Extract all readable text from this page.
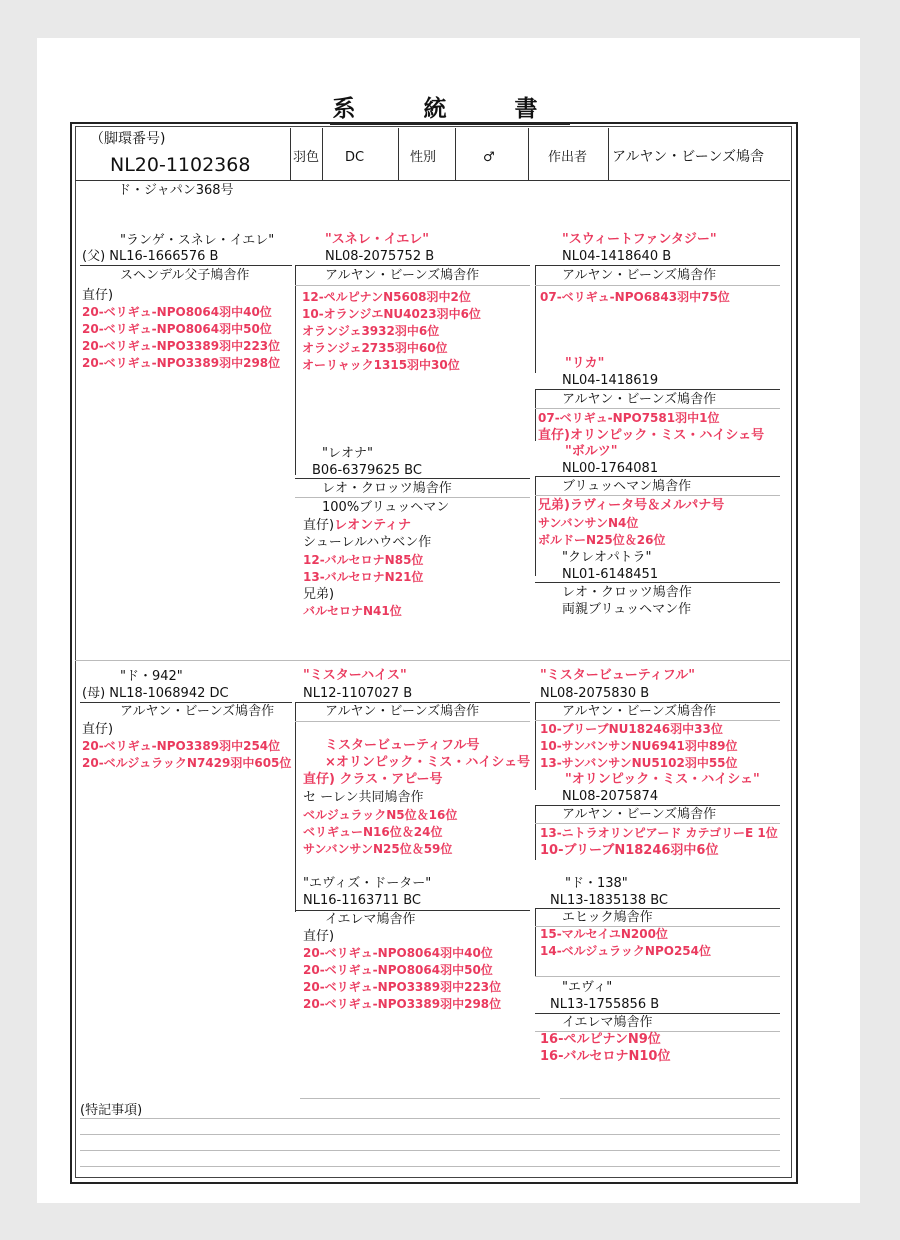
系 統 書
（脚環番号)
NL20-1102368	羽色 DC	性別	♂	作出者 アルヤン・ビーンズ鳩舎
ド・ジャパン368号
"ランゲ・スネレ・イエレ"
(父) NL16-1666576 B
スヘンデル父子鳩舎作
直仔)
20-ベリギュ-NPO8064羽中40位
20-ベリギュ-NPO8064羽中50位
20-ベリギュ-NPO3389羽中223位
20-ベリギュ-NPO3389羽中298位
"スネレ・イエレ"
NL08-2075752 B
アルヤン・ビーンズ鳩舎作
12-ペルピナンN5608羽中2位
10-オランジエNU4023羽中6位
オランジェ3932羽中6位
オランジェ2735羽中60位
オーリャック1315羽中30位
"スウィートファンタジー"
NL04-1418640 B
アルヤン・ビーンズ鳩舎作
07-ベリギュ-NPO6843羽中75位
"リカ"
NL04-1418619
アルヤン・ビーンズ鳩舎作
07-ベリギュ-NPO7581羽中1位
直仔)オリンピック・ミス・ハイシェ号
"レオナ"
B06-6379625 BC
レオ・クロッツ鳩舎作
100%ブリュッヘマン
直仔)レオンティナ
シューレルハウベン作
12-バルセロナN85位
13-バルセロナN21位
兄弟)
バルセロナN41位
"ボルツ"
NL00-1764081
ブリュッヘマン鳩舎作
兄弟)ラヴィータ号＆メルパナ号
サンバンサンN4位
ボルドーN25位＆26位
"クレオパトラ"
NL01-6148451
レオ・クロッツ鳩舎作
両親ブリュッヘマン作
"ド・942"
(母) NL18-1068942 DC
アルヤン・ビーンズ鳩舎作
直仔)
20-ベリギュ-NPO3389羽中254位
20-ベルジュラックN7429羽中605位
"ミスターハイス"
NL12-1107027 B
アルヤン・ビーンズ鳩舎作
ミスタービューティフル号
×オリンピック・ミス・ハイシェ号
直仔) クラス・アピー号
セ ーレン共同鳩舎作
ベルジュラックN5位＆16位
ベリギューN16位＆24位
サンバンサンN25位＆59位
"ミスタービューティフル"
NL08-2075830 B
アルヤン・ビーンズ鳩舎作
10-ブリーブNU18246羽中33位
10-サンバンサンNU6941羽中89位
13-サンバンサンNU5102羽中55位
"オリンピック・ミス・ハイシェ"
NL08-2075874
アルヤン・ビーンズ鳩舎作
13-ニトラオリンピアード カテゴリーE 1位
10-ブリーブN18246羽中6位
"エヴィズ・ドーター"
NL16-1163711 BC
イエレマ鳩舎作
直仔)
20-ベリギュ-NPO8064羽中40位
20-ベリギュ-NPO8064羽中50位
20-ベリギュ-NPO3389羽中223位
20-ベリギュ-NPO3389羽中298位
"ド・138"
NL13-1835138 BC
エヒック鳩舎作
15-マルセイユN200位
14-ベルジュラックNPO254位
"エヴィ"
NL13-1755856 B
イエレマ鳩舎作
16-ペルピナンN9位
16-バルセロナN10位
(特記事項)
